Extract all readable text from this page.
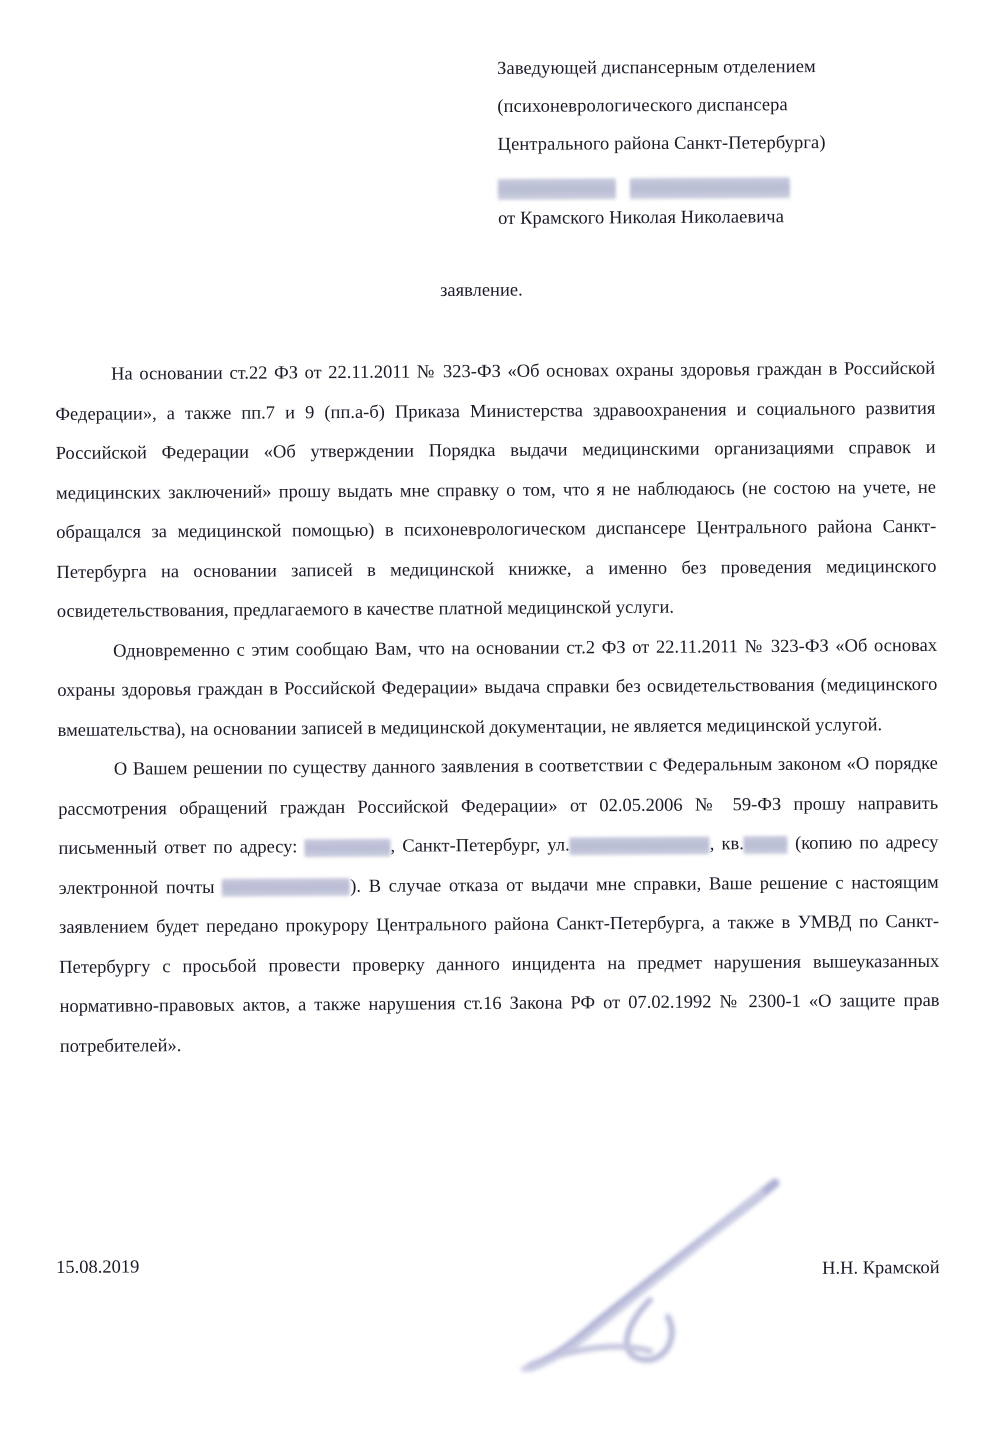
Заведующей диспансерным отделением
(психоневрологического диспансера
Центрального района Санкт-Петербурга)
от Крамского Николая Николаевича
заявление.

На основании ст.22 ФЗ от 22.11.2011 № 323-ФЗ «Об основах охраны здоровья граждан в Российской Федерации», а также пп.7 и 9 (пп.а-б) Приказа Министерства здравоохранения и социального развития Российской Федерации «Об утверждении Порядка выдачи медицинскими организациями справок и медицинских заключений» прошу выдать мне справку о том, что я не наблюдаюсь (не состою на учете, не обращался за медицинской помощью) в психоневрологическом диспансере Центрального района Санкт-Петербурга на основании записей в медицинской книжке, а именно без проведения медицинского освидетельствования, предлагаемого в качестве платной медицинской услуги.

Одновременно с этим сообщаю Вам, что на основании ст.2 ФЗ от 22.11.2011 № 323-ФЗ «Об основах охраны здоровья граждан в Российской Федерации» выдача справки без освидетельствования (медицинского вмешательства), на основании записей в медицинской документации, не является медицинской услугой.

О Вашем решении по существу данного заявления в соответствии с Федеральным законом «О порядке рассмотрения обращений граждан Российской Федерации» от 02.05.2006 № 59-ФЗ прошу направить письменный ответ по адресу:	, Санкт-Петербург, ул.	, кв.	(копию по адресу электронной почты	). В случае отказа от выдачи мне справки, Ваше решение с настоящим заявлением будет передано прокурору Центрального района Санкт-Петербурга, а также в УМВД по Санкт-Петербургу с просьбой провести проверку данного инцидента на предмет нарушения вышеуказанных нормативно-правовых актов, а также нарушения ст.16 Закона РФ от 07.02.1992 № 2300-1 «О защите прав потребителей».

15.08.2019	Н.Н. Крамской
